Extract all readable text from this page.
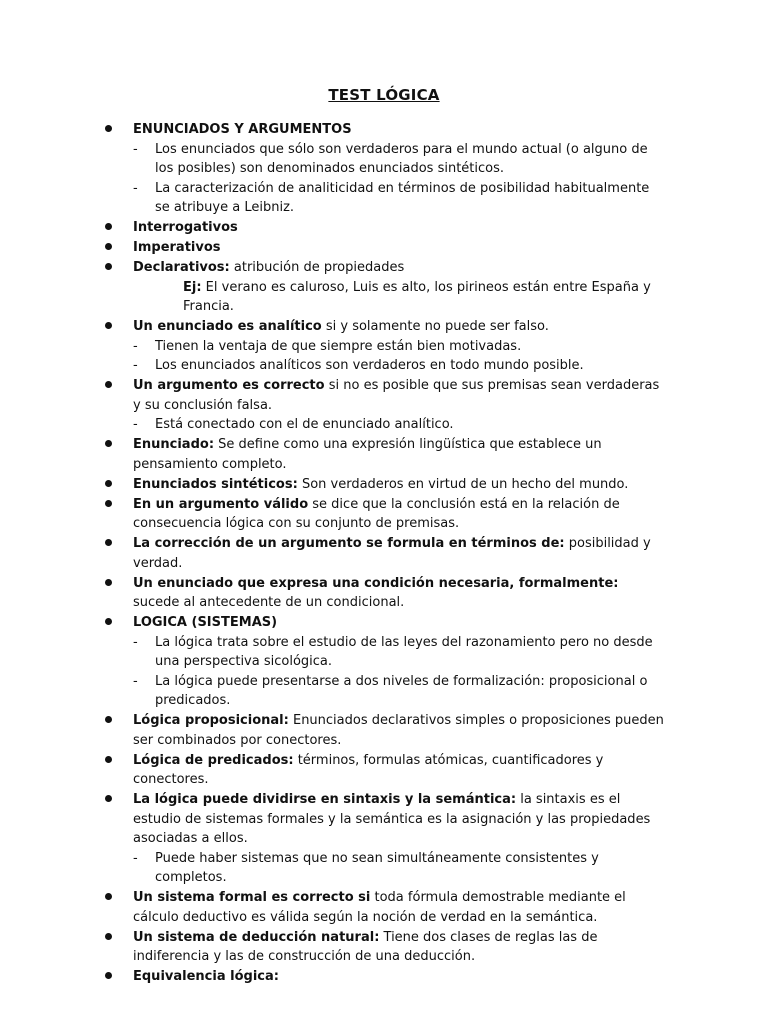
TEST LÓGICA
ENUNCIADOS Y ARGUMENTOS
- Los enunciados que sólo son verdaderos para el mundo actual (o alguno de los posibles) son denominados enunciados sintéticos.
- La caracterización de analiticidad en términos de posibilidad habitualmente se atribuye a Leibniz.
Interrogativos
Imperativos
Declarativos: atribución de propiedades
Ej: El verano es caluroso, Luis es alto, los pirineos están entre España y Francia.
Un enunciado es analítico si y solamente no puede ser falso.
- Tienen la ventaja de que siempre están bien motivadas.
- Los enunciados analíticos son verdaderos en todo mundo posible.
Un argumento es correcto si no es posible que sus premisas sean verdaderas y su conclusión falsa.
- Está conectado con el de enunciado analítico.
Enunciado: Se define como una expresión lingüística que establece un pensamiento completo.
Enunciados sintéticos: Son verdaderos en virtud de un hecho del mundo.
En un argumento válido se dice que la conclusión está en la relación de consecuencia lógica con su conjunto de premisas.
La corrección de un argumento se formula en términos de: posibilidad y verdad.
Un enunciado que expresa una condición necesaria, formalmente: sucede al antecedente de un condicional.
LOGICA (SISTEMAS)
- La lógica trata sobre el estudio de las leyes del razonamiento pero no desde una perspectiva sicológica.
- La lógica puede presentarse a dos niveles de formalización: proposicional o predicados.
Lógica proposicional: Enunciados declarativos simples o proposiciones pueden ser combinados por conectores.
Lógica de predicados: términos, formulas atómicas, cuantificadores y conectores.
La lógica puede dividirse en sintaxis y la semántica: la sintaxis es el estudio de sistemas formales y la semántica es la asignación y las propiedades asociadas a ellos.
- Puede haber sistemas que no sean simultáneamente consistentes y completos.
Un sistema formal es correcto si toda fórmula demostrable mediante el cálculo deductivo es válida según la noción de verdad en la semántica.
Un sistema de deducción natural: Tiene dos clases de reglas las de indiferencia y las de construcción de una deducción.
Equivalencia lógica:
